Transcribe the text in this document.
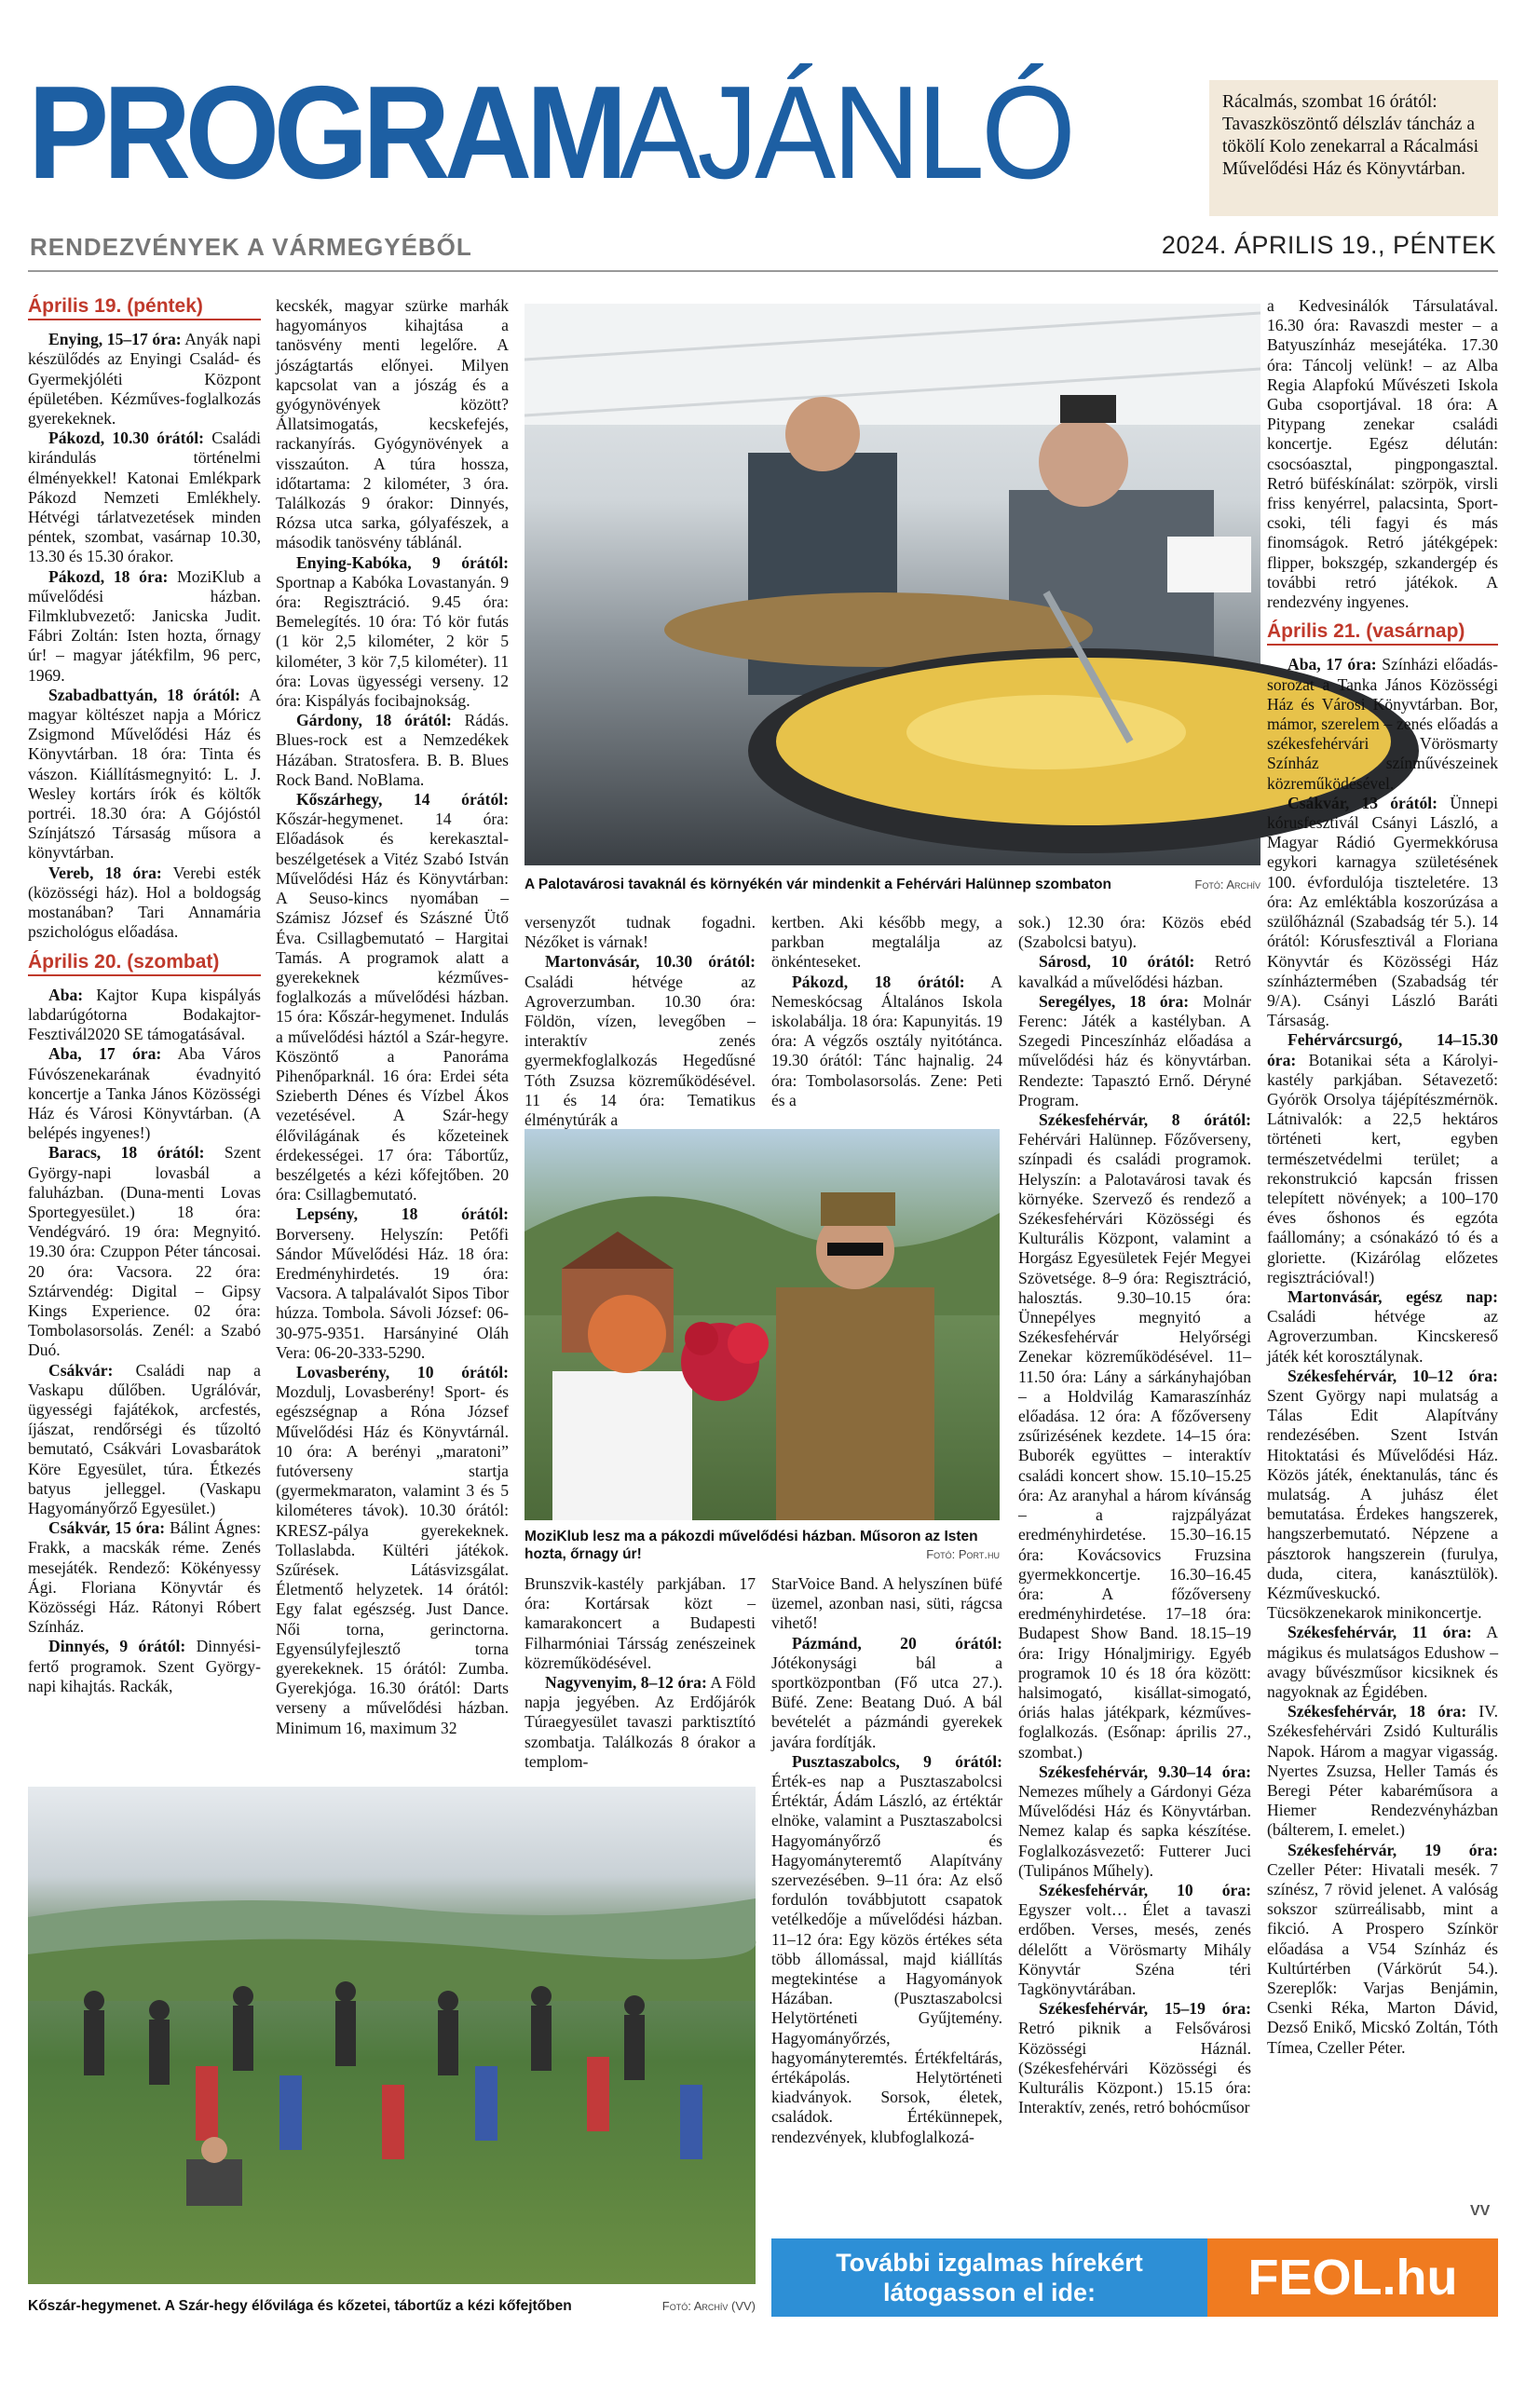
PROGRAMAJÁNLÓ
RENDEZVÉNYEK A VÁRMEGYÉBŐL	2024. ÁPRILIS 19., PÉNTEK
Rácalmás, szombat 16 órától: Tavaszköszöntő délszláv táncház a tökölí Kolo zenekarral a Rácalmási Művelődési Ház és Könyvtárban.
Április 19. (péntek)

Enying, 15–17 óra: Anyák napi készülődés az Enyingi Család- és Gyermekjóléti Központ épületében. Kézműves-foglalkozás gyerekeknek.

Pákozd, 10.30 órától: Családi kirándulás történelmi élményekkel! Katonai Emlékpark Pákozd Nemzeti Emlékhely. Hétvégi tárlatvezetések minden péntek, szombat, vasárnap 10.30, 13.30 és 15.30 órakor.

Pákozd, 18 óra: MoziKlub a művelődési házban. Filmklubvezető: Janicska Judit. Fábri Zoltán: Isten hozta, őrnagy úr! – magyar játékfilm, 96 perc, 1969.

Szabadbattyán, 18 órától: A magyar költészet napja a Móricz Zsigmond Művelődési Ház és Könyvtárban. 18 óra: Tinta és vászon. Kiállításmegnyitó: L. J. Wesley kortárs írók és költők portréi. 18.30 óra: A Gójóstól Színjátszó Társaság műsora a könyvtárban.

Vereb, 18 óra: Verebi esték (közösségi ház). Hol a boldogság mostanában? Tari Annamária pszichológus előadása.

Április 20. (szombat)

Aba: Kajtor Kupa kispályás labdarúgótorna Bodakajtor-Fesztivál2020 SE támogatásával.

Aba, 17 óra: Aba Város Fúvószenekarának évadnyitó koncertje a Tanka János Közösségi Ház és Városi Könyvtárban. (A belépés ingyenes!)

Baracs, 18 órától: Szent György-napi lovasbál a faluházban. (Duna-menti Lovas Sportegyesület.) 18 óra: Vendégváró. 19 óra: Megnyitó. 19.30 óra: Czuppon Péter táncosai. 20 óra: Vacsora. 22 óra: Sztárvendég: Digital – Gipsy Kings Experience. 02 óra: Tombolasorsolás. Zenél: a Szabó Duó.

Csákvár: Családi nap a Vaskapu dűlőben. Ugrálóvár, ügyességi fajátékok, arcfestés, íjászat, rendőrségi és tűzoltó bemutató, Csákvári Lovasbarátok Köre Egyesület, túra. Étkezés batyus jelleggel. (Vaskapu Hagyományőrző Egyesület.)

Csákvár, 15 óra: Bálint Ágnes: Frakk, a macskák réme. Zenés mesejáték. Rendező: Kökényessy Ági. Floriana Könyvtár és Közösségi Ház. Rátonyi Róbert Színház.

Dinnyés, 9 órától: Dinnyési-fertő programok. Szent György-napi kihajtás. Rackák,

kecskék, magyar szürke marhák hagyományos kihajtása a tanösvény menti legelőre. A jószágtartás előnyei. Milyen kapcsolat van a jószág és a gyógynövények között? Állatsimogatás, kecskefejés, rackanyírás. Gyógynövények a visszaúton. A túra hossza, időtartama: 2 kilométer, 3 óra. Találkozás 9 órakor: Dinnyés, Rózsa utca sarka, gólyafészek, a második tanösvény táblánál.

Enying-Kabóka, 9 órától: Sportnap a Kabóka Lovastanyán. 9 óra: Regisztráció. 9.45 óra: Bemelegítés. 10 óra: Tó kör futás (1 kör 2,5 kilométer, 2 kör 5 kilométer, 3 kör 7,5 kilométer). 11 óra: Lovas ügyességi verseny. 12 óra: Kispályás focibajnokság.

Gárdony, 18 órától: Rádás. Blues-rock est a Nemzedékek Házában. Stratosfera. B. B. Blues Rock Band. NoBlama.

Kőszárhegy, 14 órától: Kőszár-hegymenet. 14 óra: Előadások és kerekasztal-beszélgetések a Vitéz Szabó István Művelődési Ház és Könyvtárban: A Seuso-kincs nyomában – Számisz József és Szászné Ütő Éva. Csillagbemutató – Hargitai Tamás. A programok alatt a gyerekeknek kézműves-foglalkozás a művelődési házban. 15 óra: Kőszár-hegymenet. Indulás a művelődési háztól a Szár-hegyre. Köszöntő a Panoráma Pihenőparknál. 16 óra: Erdei séta Szieberth Dénes és Vízbel Ákos vezetésével. A Szár-hegy élővilágának és kőzeteinek érdekességei. 17 óra: Tábortűz, beszélgetés a kézi kőfejtőben. 20 óra: Csillagbemutató.

Lepsény, 18 órától: Borverseny. Helyszín: Petőfi Sándor Művelődési Ház. 18 óra: Eredményhirdetés. 19 óra: Vacsora. A talpalávalót Sipos Tibor húzza. Tombola. Sávoli József: 06-30-975-9351. Harsányiné Oláh Vera: 06-20-333-5290.

Lovasberény, 10 órától: Mozdulj, Lovasberény! Sport- és egészségnap a Róna József Művelődési Ház és Könyvtárnál. 10 óra: A berényi „maratoni” futóverseny startja (gyermekmaraton, valamint 3 és 5 kilométeres távok). 10.30 órától: KRESZ-pálya gyerekeknek. Tollaslabda. Kültéri játékok. Szűrések. Látásvizsgálat. Életmentő helyzetek. 14 órától: Egy falat egészség. Just Dance. Női torna, gerinctorna. Egyensúlyfejlesztő torna gyerekeknek. 15 órától: Zumba. Gyerekjóga. 16.30 órától: Darts verseny a művelődési házban. Minimum 16, maximum 32

A Palotavárosi tavaknál és környékén vár mindenkit a Fehérvári Halünnep szombaton	Fotó: Archív

versenyzőt tudnak fogadni. Nézőket is várnak!

Martonvásár, 10.30 órától: Családi hétvége az Agroverzumban. 10.30 óra: Földön, vízen, levegőben – interaktív zenés gyermekfoglalkozás Hegedűsné Tóth Zsuzsa közreműködésével. 11 és 14 óra: Tematikus élménytúrák a

kertben. Aki később megy, a parkban megtalálja az önkénteseket.

Pákozd, 18 órától: A Nemeskócsag Általános Iskola iskolabálja. 18 óra: Kapunyitás. 19 óra: A végzős osztály nyitótánca. 19.30 órától: Tánc hajnalig. 24 óra: Tombolasorsolás. Zene: Peti és a

MoziKlub lesz ma a pákozdi művelődési házban. Műsoron az Isten hozta, őrnagy úr!	Fotó: Port.hu

Brunszvik-kastély parkjában. 17 óra: Kortársak közt – kamarakoncert a Budapesti Filharmóniai Társság zenészeinek közreműködésével.

Nagyvenyim, 8–12 óra: A Föld napja jegyében. Az Erdőjárók Túraegyesület tavaszi parktisztító szombatja. Találkozás 8 órakor a templom-

StarVoice Band. A helyszínen büfé üzemel, azonban nasi, süti, rágcsa vihető!

Pázmánd, 20 órától: Jótékonysági bál a sportközpontban (Fő utca 27.). Büfé. Zene: Beatang Duó. A bál bevételét a pázmándi gyerekek javára fordítják.

Pusztaszabolcs, 9 órától: Érték-es nap a Pusztaszabolcsi Értéktár, Ádám László, az értéktár elnöke, valamint a Pusztaszabolcsi Hagyományőrző és Hagyományteremtő Alapítvány szervezésében. 9–11 óra: Az első fordulón továbbjutott csapatok vetélkedője a művelődési házban. 11–12 óra: Egy közös értékes séta több állomással, majd kiállítás megtekintése a Hagyományok Házában. (Pusztaszabolcsi Helytörténeti Gyűjtemény. Hagyományőrzés, hagyományteremtés. Értékfeltárás, értékápolás. Helytörténeti kiadványok. Sorsok, életek, családok. Értékünnepek, rendezvények, klubfoglalkozá-

sok.) 12.30 óra: Közös ebéd (Szabolcsi batyu).

Sárosd, 10 órától: Retró kavalkád a művelődési házban.

Seregélyes, 18 óra: Molnár Ferenc: Játék a kastélyban. A Szegedi Pinceszínház előadása a művelődési ház és könyvtárban. Rendezte: Tapasztó Ernő. Déryné Program.

Székesfehérvár, 8 órától: Fehérvári Halünnep. Főzőverseny, színpadi és családi programok. Helyszín: a Palotavárosi tavak és környéke. Szervező és rendező a Székesfehérvári Közösségi és Kulturális Központ, valamint a Horgász Egyesületek Fejér Megyei Szövetsége. 8–9 óra: Regisztráció, halosztás. 9.30–10.15 óra: Ünnepélyes megnyitó a Székesfehérvár Helyőrségi Zenekar közreműködésével. 11–11.50 óra: Lány a sárkányhajóban – a Holdvilág Kamaraszínház előadása. 12 óra: A főzőverseny zsűrizésének kezdete. 14–15 óra: Buborék együttes – interaktív családi koncert show. 15.10–15.25 óra: Az aranyhal a három kívánság – a rajzpályázat eredményhirdetése. 15.30–16.15 óra: Kovácsovics Fruzsina gyermekkoncertje. 16.30–16.45 óra: A főzőverseny eredményhirdetése. 17–18 óra: Budapest Show Band. 18.15–19 óra: Irigy Hónaljmirigy. Egyéb programok 10 és 18 óra között: halsimogató, kisállat-simogató, óriás halas játékpark, kézműves-foglalkozás. (Esőnap: április 27., szombat.)

Székesfehérvár, 9.30–14 óra: Nemezes műhely a Gárdonyi Géza Művelődési Ház és Könyvtárban. Nemez kalap és sapka készítése. Foglalkozásvezető: Futterer Juci (Tulipános Műhely).

Székesfehérvár, 10 óra: Egyszer volt… Élet a tavaszi erdőben. Verses, mesés, zenés délelőtt a Vörösmarty Mihály Könyvtár Széna téri Tagkönyvtárában.

Székesfehérvár, 15–19 óra: Retró piknik a Felsővárosi Közösségi Háznál. (Székesfehérvári Közösségi és Kulturális Központ.) 15.15 óra: Interaktív, zenés, retró bohócműsor

a Kedvesinálók Társulatával. 16.30 óra: Ravaszdi mester – a Batyuszínház mesejátéka. 17.30 óra: Táncolj velünk! – az Alba Regia Alapfokú Művészeti Iskola Guba csoportjával. 18 óra: A Pitypang zenekar családi koncertje. Egész délután: csocsóasztal, pingpongasztal. Retró büféskínálat: szörpök, virsli friss kenyérrel, palacsinta, Sport-csoki, téli fagyi és más finomságok. Retró játékgépek: flipper, bokszgép, szkandergép és további retró játékok. A rendezvény ingyenes.

Április 21. (vasárnap)

Aba, 17 óra: Színházi előadás-sorozat a Tanka János Közösségi Ház és Városi Könyvtárban. Bor, mámor, szerelem – zenés előadás a székesfehérvári Vörösmarty Színház színművészeinek közreműködésével.

Csákvár, 13 órától: Ünnepi kórusfesztivál Csányi László, a Magyar Rádió Gyermekkórusa egykori karnagya születésének 100. évfordulója tiszteletére. 13 óra: Az emléktábla koszorúzása a szülőháznál (Szabadság tér 5.). 14 órától: Kórusfesztivál a Floriana Könyvtár és Közösségi Ház színháztermében (Szabadság tér 9/A). Csányi László Baráti Társaság.

Fehérvárcsurgó, 14–15.30 óra: Botanikai séta a Károlyi-kastély parkjában. Sétavezető: Gyórök Orsolya tájépítészmérnök. Látnivalók: a 22,5 hektáros történeti kert, egyben természetvédelmi terület; a rekonstrukció kapcsán frissen telepített növények; a 100–170 éves őshonos és egzóta faállomány; a csónakázó tó és a gloriette. (Kizárólag előzetes regisztrációval!)

Martonvásár, egész nap: Családi hétvége az Agroverzumban. Kincskereső játék két korosztálynak.

Székesfehérvár, 10–12 óra: Szent György napi mulatság a Tálas Edit Alapítvány rendezésében. Szent István Hitoktatási és Művelődési Ház. Közös játék, énektanulás, tánc és mulatság. A juhász élet bemutatása. Érdekes hangszerek, hangszerbemutató. Népzene a pásztorok hangszerein (furulya, duda, citera, kanásztülök). Kézműveskuckó. Tücsökzenekarok minikoncertje.

Székesfehérvár, 11 óra: A mágikus és mulatságos Edushow – avagy bűvészműsor kicsiknek és nagyoknak az Égidében.

Székesfehérvár, 18 óra: IV. Székesfehérvári Zsidó Kulturális Napok. Három a magyar vigasság. Nyertes Zsuzsa, Heller Tamás és Beregi Péter kabaréműsora a Hiemer Rendezvényházban (bálterem, I. emelet.)

Székesfehérvár, 19 óra: Czeller Péter: Hivatali mesék. 7 színész, 7 rövid jelenet. A valóság sokszor szürreálisabb, mint a fikció. A Prospero Színkör előadása a V54 Színház és Kultúrtérben (Várkörút 54.). Szereplők: Varjas Benjámin, Csenki Réka, Marton Dávid, Dezső Enikő, Micskó Zoltán, Tóth Tímea, Czeller Péter.

VV
Kőszár-hegymenet. A Szár-hegy élővilága és kőzetei, tábortűz a kézi kőfejtőben	Fotó: Archív (VV)
További izgalmas hírekért
látogasson el ide:	FEOL.hu
